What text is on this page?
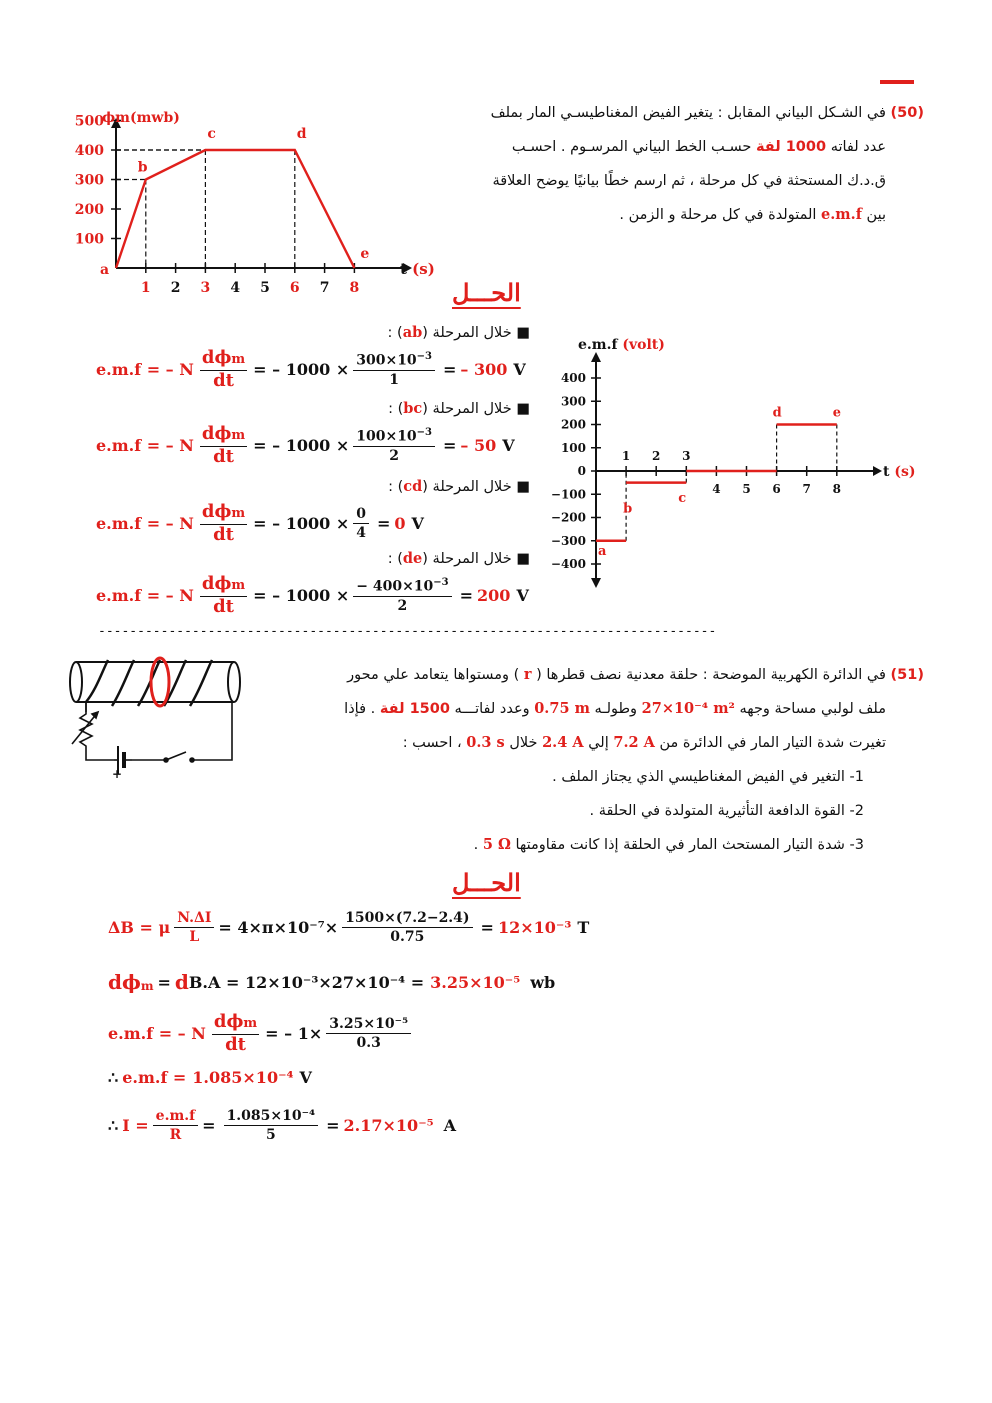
500
400
300
200
100
1 2 3 4 5 6 7 8
ϕm(mwb)
t (s)
a
b
c	d
e
(50) في الشـكل البياني المقابل : يتغير الفيض المغناطيسـي المار بملف
عدد لفاته 1000 لفة حسـب الخط البياني المرسـوم . احسـب
ق.د.ك المستحثة في كل مرحلة ، ثم ارسم خطًا بيانيًا يوضح العلاقة
بين e.m.f المتولدة في كل مرحلة و الزمن .
الحـــل
■ خلال المرحلة (ab) :
e.m.f = – N
dϕm
dt
= – $1000 \times \frac{300\times 10^{-3}}{1}$ = – 300 V
■ خلال المرحلة (bc) :
e.m.f = – N
dϕm
dt
= – $1000 \times \frac{100\times 10^{-3}}{2}$ = – 50 V
■ خلال المرحلة (cd) :
e.m.f = – N
dϕm
dt
= – $1000 \times \frac{0}{4} = 0$ V
■ خلال المرحلة (de) :
e.m.f = – N
dϕm
dt
= – $1000 \times \frac{- 400\times 10^{-3}}{2} = 200$ V
400
300
200
100
0
−100
−200
−300
−400
1 2 3
4 5 6 7 8
e.m.f (volt)
t (s)
a
b
c
d	e
-------------------------------------------------------------------------------
+
(51) في الدائرة الكهربية الموضحة : حلقة معدنية نصف قطرها ( r ) ومستواها يتعامد علي محور
ملف لولبي مساحة وجهه 27×10⁻⁴ m² وطولـه 0.75 m وعدد لفاتـــه 1500 لفة . فإذا
تغيرت شدة التيار المار في الدائرة من 7.2 A إلي 2.4 A خلال 0.3 s ، احسب :
1- التغير في الفيض المغناطيسي الذي يجتاز الملف .
2- القوة الدافعة التأثيرية المتولدة في الحلقة .
3- شدة التيار المستحث المار في الحلقة إذا كانت مقاومتها 5 Ω .
الحـــل
ΔB = μ $\frac{N.\Delta I}{L} = 4\times\pi\times 10^{-7}\times \frac{1500\times(7.2-2.4)}{0.75} = 12\times 10^{-3}$ T
dϕ m = d B.A = 12×10⁻³×27×10⁻⁴ = 3.25×10⁻⁵ wb
e.m.f = – N
dϕm
dt
= – $1\times \frac{\text{3.25×10⁻⁵}}{0.3}$
∴ e.m.f = 1.085×10⁻⁴ V
∴ $I = \frac{e.m.f}{R} = \frac{\text{1.085×10⁻⁴}}{5} = 2.17\times 10^{-5}$ A
